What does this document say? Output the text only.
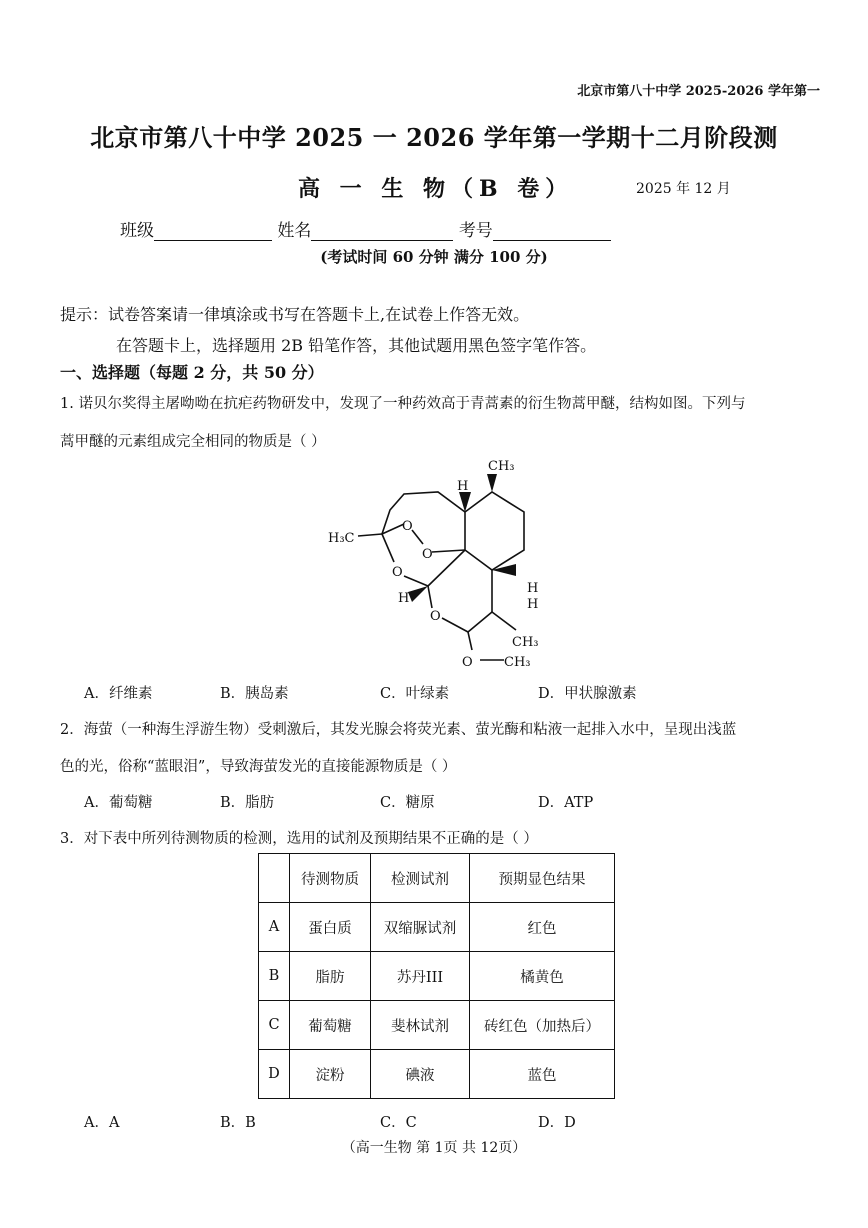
北京市第八十中学 2025-2026 学年第一
北京市第八十中学 2025 一 2026 学年第一学期十二月阶段测
高 一 生 物（B 卷）	2025 年 12 月
班级	姓名	考号
(考试时间 60 分钟 满分 100 分)
提示：试卷答案请一律填涂或书写在答题卡上,在试卷上作答无效。
在答题卡上，选择题用 2B 铅笔作答，其他试题用黑色签字笔作答。
一、选择题（每题 2 分，共 50 分）
1. 诺贝尔奖得主屠呦呦在抗疟药物研发中，发现了一种药效高于青蒿素的衍生物蒿甲醚，结构如图。下列与
蒿甲醚的元素组成完全相同的物质是（ ）
CH₃
H
H₃C
O
O
O
H
O
H
H
CH₃
O CH₃
A．纤维素	B．胰岛素	C．叶绿素	D．甲状腺激素
2．海萤（一种海生浮游生物）受刺激后，其发光腺会将荧光素、萤光酶和粘液一起排入水中，呈现出浅蓝
色的光，俗称“蓝眼泪”，导致海萤发光的直接能源物质是（ ）
A．葡萄糖	B．脂肪	C．糖原	D．ATP
3．对下表中所列待测物质的检测，选用的试剂及预期结果不正确的是（ ）
	待测物质	检测试剂	预期显色结果
A	蛋白质	双缩脲试剂	红色
B	脂肪	苏丹III	橘黄色
C	葡萄糖	斐林试剂	砖红色（加热后）
D	淀粉	碘液	蓝色
A．A	B．B	C．C	D．D
（高一生物 第 1页 共 12页）
